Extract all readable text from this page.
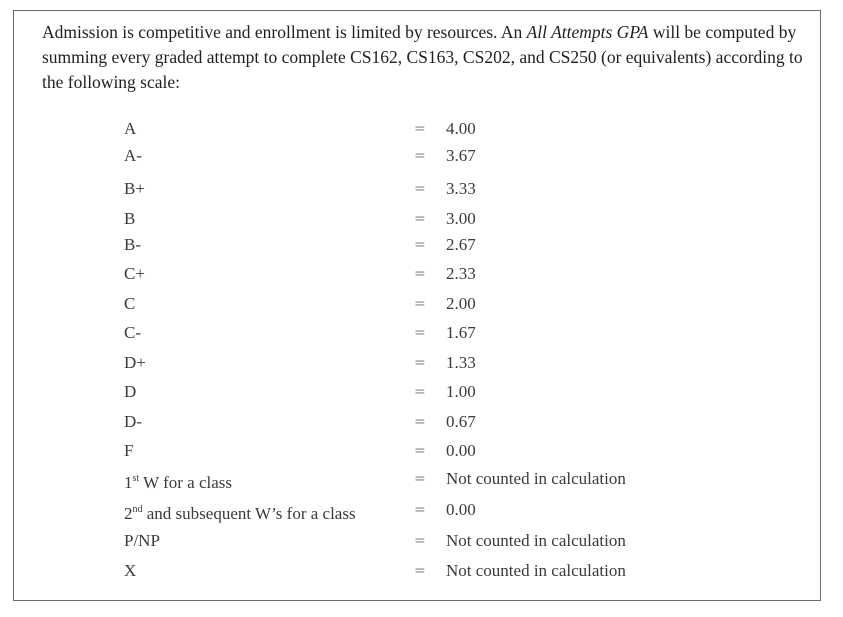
Admission is competitive and enrollment is limited by resources. An All Attempts GPA will be computed by summing every graded attempt to complete CS162, CS163, CS202, and CS250 (or equivalents) according to the following scale:

A	= 4.00
A-	= 3.67
B+	= 3.33
B	= 3.00
B-	= 2.67
C+	= 2.33
C	= 2.00
C-	= 1.67
D+	= 1.33
D	= 1.00
D-	= 0.67
F	= 0.00
1st W for a class	= Not counted in calculation
2nd and subsequent W’s for a class	= 0.00
P/NP	= Not counted in calculation
X	= Not counted in calculation
